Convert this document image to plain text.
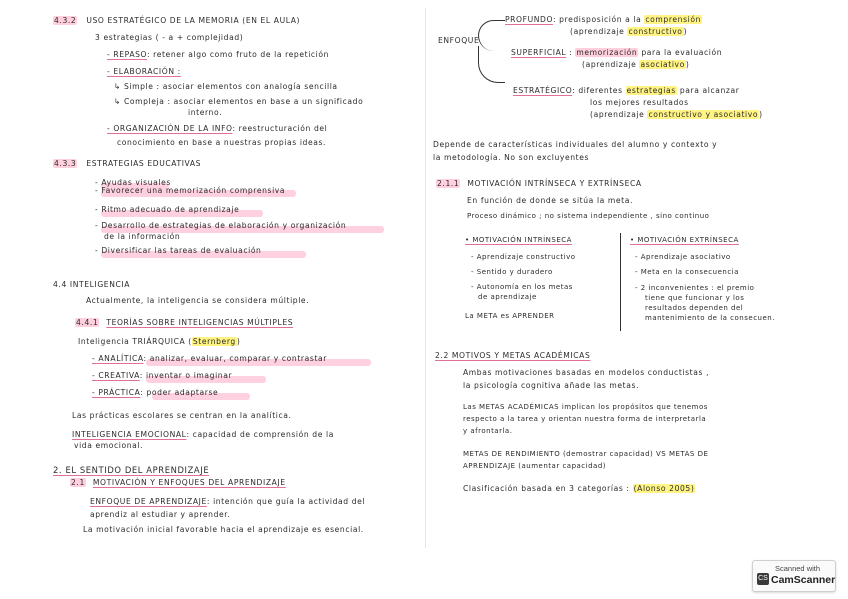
4.3.2 USO ESTRATÉGICO DE LA MEMORIA (EN EL AULA)
3 estrategias ( - a + complejidad)
- REPASO: retener algo como fruto de la repetición
- ELABORACIÓN :
↳ Simple : asociar elementos con analogía sencilla
↳ Compleja : asociar elementos en base a un significado
interno.
- ORGANIZACIÓN DE LA INFO: reestructuración del
conocimiento en base a nuestras propias ideas.
4.3.3 ESTRATEGIAS EDUCATIVAS
- Ayudas visuales
- Favorecer una memorización comprensiva
- Ritmo adecuado de aprendizaje
- Desarrollo de estrategias de elaboración y organización
de la información
- Diversificar las tareas de evaluación
4.4 INTELIGENCIA
Actualmente, la inteligencia se considera múltiple.
4.4.1 TEORÍAS SOBRE INTELIGENCIAS MÚLTIPLES
Inteligencia TRIÁRQUICA (Sternberg)
- ANALÍTICA: analizar, evaluar, comparar y contrastar
- CREATIVA: inventar o imaginar
- PRÁCTICA: poder adaptarse
Las prácticas escolares se centran en la analítica.
INTELIGENCIA EMOCIONAL: capacidad de comprensión de la
vida emocional.
2. EL SENTIDO DEL APRENDIZAJE
2.1 MOTIVACIÓN Y ENFOQUES DEL APRENDIZAJE
ENFOQUE DE APRENDIZAJE: intención que guía la actividad del
aprendiz al estudiar y aprender.
La motivación inicial favorable hacia el aprendizaje es esencial.
ENFOQUE
PROFUNDO: predisposición a la comprensión
(aprendizaje constructivo)
SUPERFICIAL : memorización para la evaluación
(aprendizaje asociativo)
ESTRATÉGICO: diferentes estrategias para alcanzar
los mejores resultados
(aprendizaje constructivo y asociativo)
Depende de características individuales del alumno y contexto y
la metodología. No son excluyentes
2.1.1 MOTIVACIÓN INTRÍNSECA Y EXTRÍNSECA
En función de donde se sitúa la meta.
Proceso dinámico ; no sistema independiente , sino continuo
• MOTIVACIÓN INTRÍNSECA
- Aprendizaje constructivo
- Sentido y duradero
- Autonomía en los metas
de aprendizaje
La META es APRENDER
• MOTIVACIÓN EXTRÍNSECA
- Aprendizaje asociativo
- Meta en la consecuencia
- 2 inconvenientes : el premio
tiene que funcionar y los
resultados dependen del
mantenimiento de la consecuen.
2.2 MOTIVOS Y METAS ACADÉMICAS
Ambas motivaciones basadas en modelos conductistas ,
la psicología cognitiva añade las metas.
Las METAS ACADÉMICAS implican los propósitos que tenemos
respecto a la tarea y orientan nuestra forma de interpretarla
y afrontarla.
METAS DE RENDIMIENTO (demostrar capacidad) VS METAS DE
APRENDIZAJE (aumentar capacidad)
Clasificación basada en 3 categorías : (Alonso 2005)
CS
Scanned with
CamScanner
